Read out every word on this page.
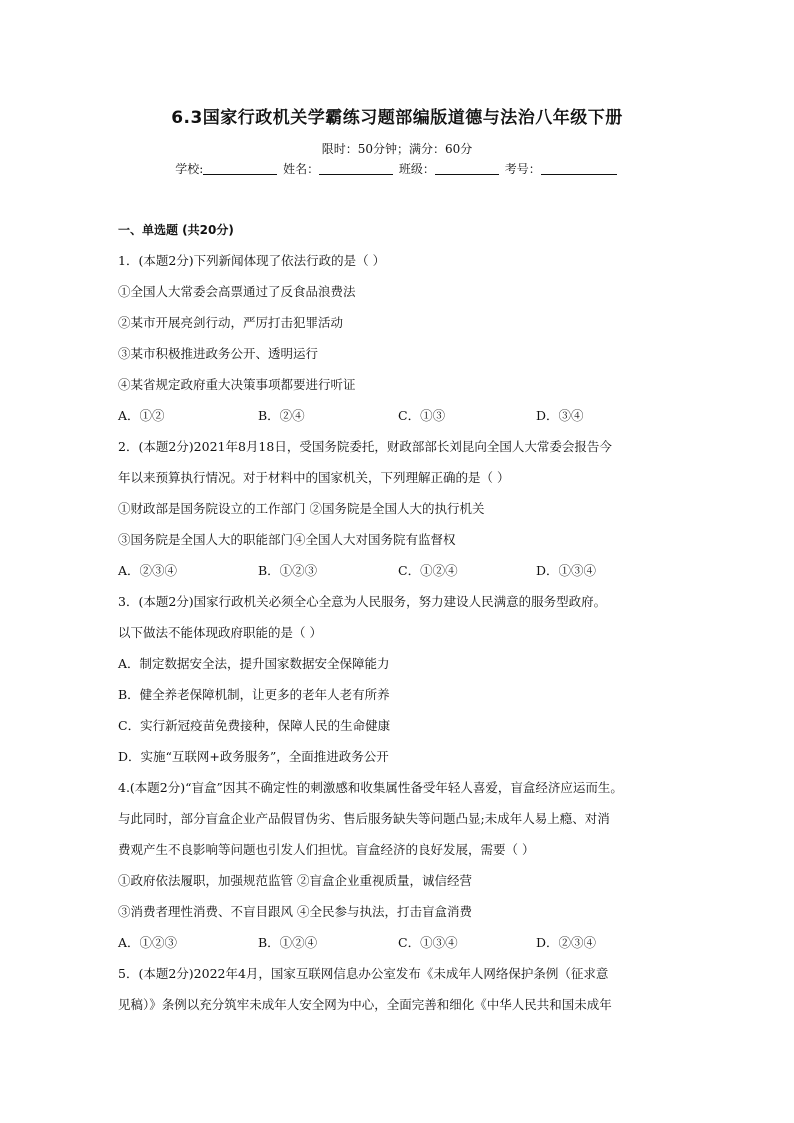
6.3国家行政机关学霸练习题部编版道德与法治八年级下册
限时：50分钟；满分：60分
学校:	姓名：	班级：	考号：
一、单选题 (共20分)
1．(本题2分)下列新闻体现了依法行政的是（ ）
①全国人大常委会高票通过了反食品浪费法
②某市开展亮剑行动，严厉打击犯罪活动
③某市积极推进政务公开、透明运行
④某省规定政府重大决策事项都要进行听证
A．①②	B．②④	C．①③	D．③④
2．(本题2分)2021年8月18日，受国务院委托，财政部部长刘昆向全国人大常委会报告今
年以来预算执行情况。对于材料中的国家机关，下列理解正确的是（ ）
①财政部是国务院设立的工作部门 ②国务院是全国人大的执行机关
③国务院是全国人大的职能部门④全国人大对国务院有监督权
A．②③④	B．①②③	C．①②④	D．①③④
3．(本题2分)国家行政机关必须全心全意为人民服务，努力建设人民满意的服务型政府。
以下做法不能体现政府职能的是（ ）
A．制定数据安全法，提升国家数据安全保障能力
B．健全养老保障机制，让更多的老年人老有所养
C．实行新冠疫苗免费接种，保障人民的生命健康
D．实施“互联网+政务服务”，全面推进政务公开
4.(本题2分)“盲盒”因其不确定性的刺激感和收集属性备受年轻人喜爱，盲盒经济应运而生。
与此同时，部分盲盒企业产品假冒伪劣、售后服务缺失等问题凸显;未成年人易上瘾、对消
费观产生不良影响等问题也引发人们担忧。盲盒经济的良好发展，需要（ ）
①政府依法履职，加强规范监管 ②盲盒企业重视质量，诚信经营
③消费者理性消费、不盲目跟风 ④全民参与执法，打击盲盒消费
A．①②③	B．①②④	C．①③④	D．②③④
5．(本题2分)2022年4月，国家互联网信息办公室发布《未成年人网络保护条例（征求意
见稿）》条例以充分筑牢未成年人安全网为中心，全面完善和细化《中华人民共和国未成年
